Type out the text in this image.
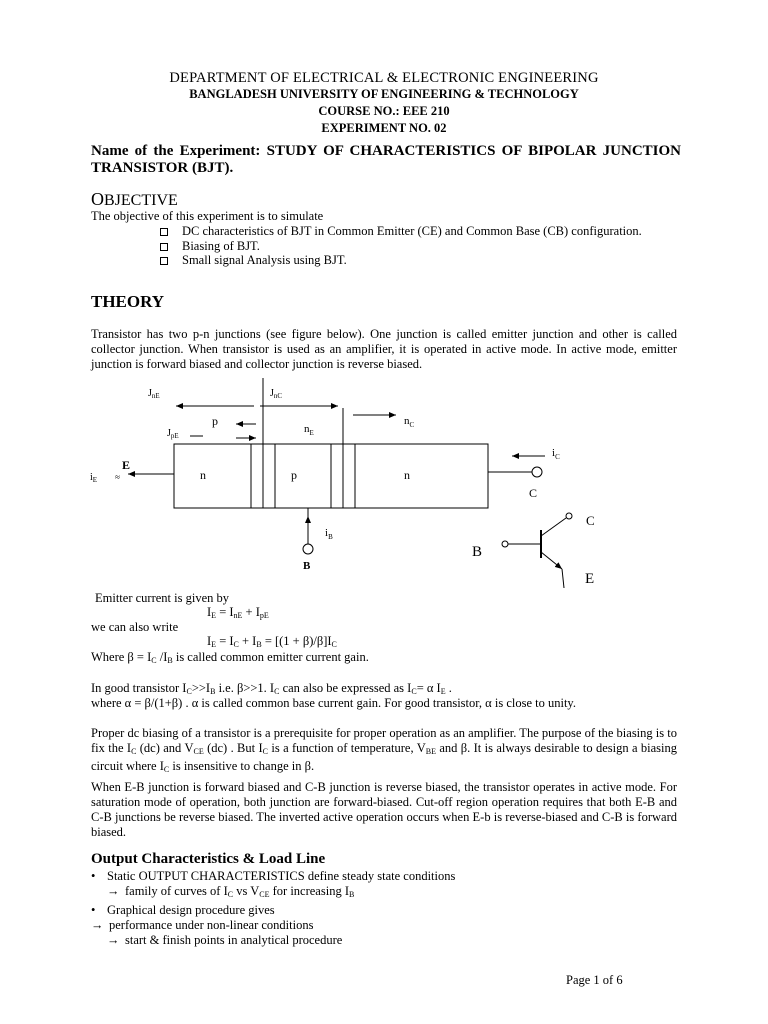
DEPARTMENT OF ELECTRICAL & ELECTRONIC ENGINEERING
BANGLADESH UNIVERSITY OF ENGINEERING & TECHNOLOGY
COURSE NO.: EEE 210
EXPERIMENT NO. 02
Name of the Experiment: STUDY OF CHARACTERISTICS OF BIPOLAR JUNCTION TRANSISTOR (BJT).
OBJECTIVE
The objective of this experiment is to simulate
DC characteristics of BJT in Common Emitter (CE) and Common Base (CB) configuration.
Biasing of BJT.
Small signal Analysis using BJT.
THEORY
Transistor has two p-n junctions (see figure below). One junction is called emitter junction and other is called collector junction. When transistor is used as an amplifier, it is operated in active mode. In active mode, emitter junction is forward biased and collector junction is reverse biased.
n	p	n
$J_{nE}$	$J_{nC}$
p
$n_E$
$J_{pE}$
$n_C$
E
$i_E$ ≈
$i_C$
C
$i_B$
B
B
C
E
Emitter current is given by
$I_E = I_{nE} + I_{pE}$
we can also write
$I_E = I_C + I_B = [(1 + \beta)/\beta]I_C$
Where $\beta = I_C$ $/I_B$ is called common emitter current gain.
In good transistor $I_C>>I_B$ i.e. β>>1. $I_C$ can also be expressed as $I_C= \alpha$ $I_E$ .
where α = β/(1+β) . α is called common base current gain. For good transistor, α is close to unity.
Proper dc biasing of a transistor is a prerequisite for proper operation as an amplifier. The purpose of the biasing is to fix the $I_C$ (dc) and $V_{CE}$ (dc) . But $I_C$ is a function of temperature, $V_{BE}$ and β. It is always desirable to design a biasing circuit where $I_C$ is insensitive to change in β.
When E-B junction is forward biased and C-B junction is reverse biased, the transistor operates in active mode. For saturation mode of operation, both junction are forward-biased. Cut-off region operation requires that both E-B and C-B junctions be reverse biased. The inverted active operation occurs when E-b is reverse-biased and C-B is forward biased.
Output Characteristics & Load Line
• Static OUTPUT CHARACTERISTICS define steady state conditions
→ family of curves of $I_C$ vs $V_{CE}$ for increasing $I_B$
• Graphical design procedure gives
→ performance under non-linear conditions
→ start & finish points in analytical procedure
Page 1 of 6
